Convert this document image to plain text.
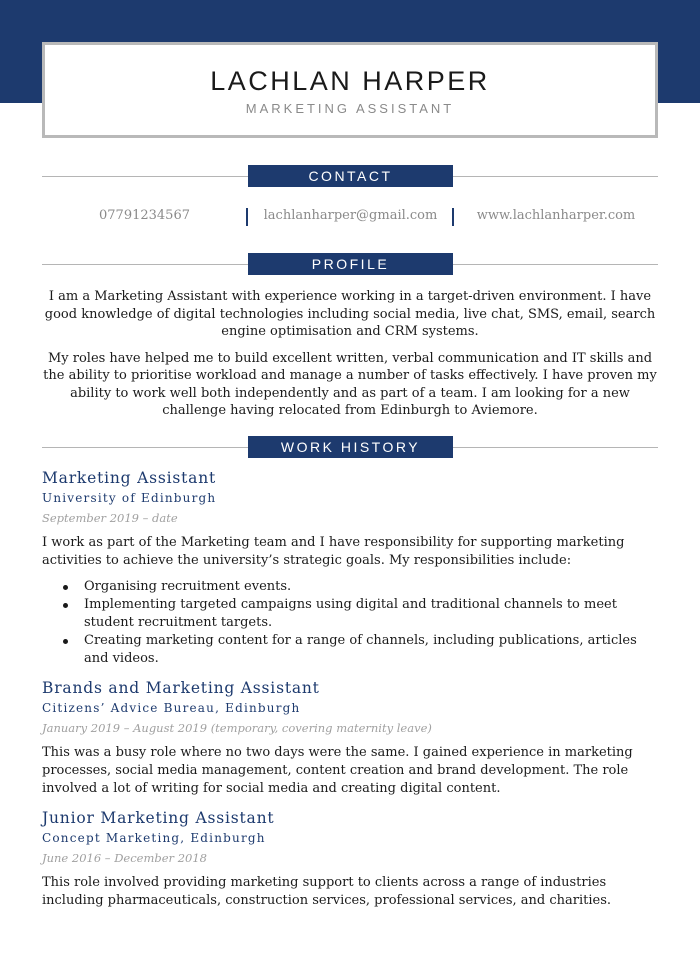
LACHLAN HARPER
MARKETING ASSISTANT
CONTACT
07791234567	lachlanharper@gmail.com	www.lachlanharper.com
PROFILE

I am a Marketing Assistant with experience working in a target-driven environment. I have good knowledge of digital technologies including social media, live chat, SMS, email, search engine optimisation and CRM systems.

My roles have helped me to build excellent written, verbal communication and IT skills and the ability to prioritise workload and manage a number of tasks effectively. I have proven my ability to work well both independently and as part of a team. I am looking for a new challenge having relocated from Edinburgh to Aviemore.

WORK HISTORY
Marketing Assistant
University of Edinburgh
September 2019 – date
I work as part of the Marketing team and I have responsibility for supporting marketing activities to achieve the university’s strategic goals. My responsibilities include:
Organising recruitment events.
Implementing targeted campaigns using digital and traditional channels to meet student recruitment targets.
Creating marketing content for a range of channels, including publications, articles and videos.
Brands and Marketing Assistant
Citizens’ Advice Bureau, Edinburgh
January 2019 – August 2019 (temporary, covering maternity leave)
This was a busy role where no two days were the same. I gained experience in marketing processes, social media management, content creation and brand development. The role involved a lot of writing for social media and creating digital content.
Junior Marketing Assistant
Concept Marketing, Edinburgh
June 2016 – December 2018
This role involved providing marketing support to clients across a range of industries including pharmaceuticals, construction services, professional services, and charities.
